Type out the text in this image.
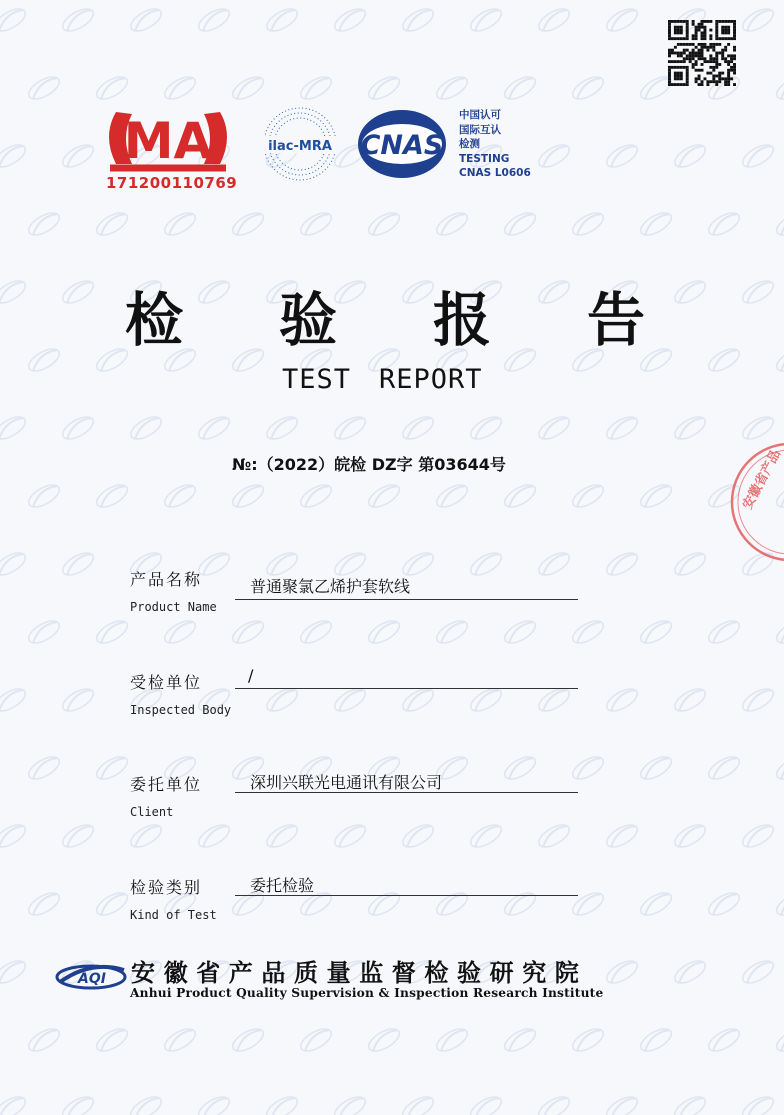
MA
171200110769
ilac-MRA CNAS
中国认可
国际互认
检测
TESTING
CNAS L0606
检 验 报 告
TEST REPORT
№:（2022）皖检 DZ字 第03644号
产品名称	普通聚氯乙烯护套软线
Product Name
受检单位	/
Inspected Body
委托单位	深圳兴联光电通讯有限公司
Client
检验类别	委托检验
Kind of Test
AQI 安徽省产品质量监督检验研究院
Anhui Product Quality Supervision & Inspection Research Institute
安徽省产品
